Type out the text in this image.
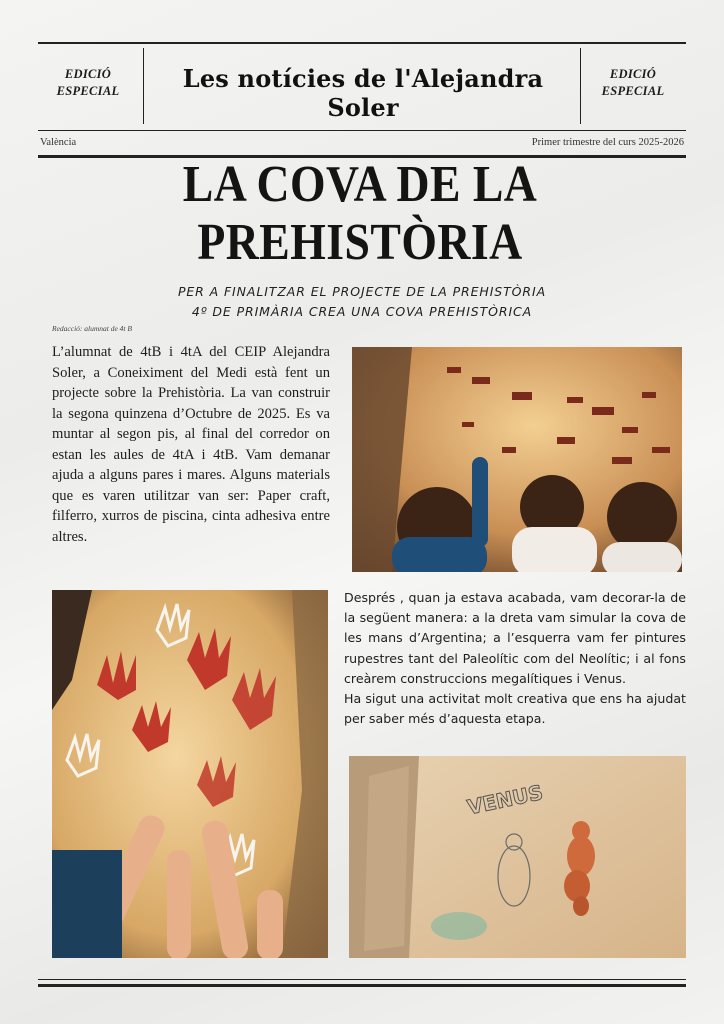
EDICIÓ ESPECIAL	Les notícies de l'Alejandra Soler
EDICIÓ ESPECIAL
València	Primer trimestre del curs 2025-2026
LA COVA DE LA
PREHISTÒRIA
PER A FINALITZAR EL PROJECTE DE LA PREHISTÒRIA
4º DE PRIMÀRIA CREA UNA COVA PREHISTÒRICA
Redacció: alumnat de 4t B
L’alumnat de 4tB i 4tA del CEIP Alejandra Soler, a Coneiximent del Medi està fent un projecte sobre la Prehistòria. La van construir la segona quinzena d’Octubre de 2025. Es va muntar al segon pis, al final del corredor on estan les aules de 4tA i 4tB. Vam demanar ajuda a alguns pares i mares. Alguns materials que es varen utilitzar van ser: Paper craft, filferro, xurros de piscina, cinta adhesiva entre altres.

Després , quan ja estava acabada, vam decorar-la de la següent manera: a la dreta vam simular la cova de les mans d’Argentina; a l’esquerra vam fer pintures rupestres tant del Paleolític com del Neolític; i al fons creàrem construccions megalítiques i Venus.

Ha sigut una activitat molt creativa que ens ha ajudat per saber més d’aquesta etapa.

VENUS
